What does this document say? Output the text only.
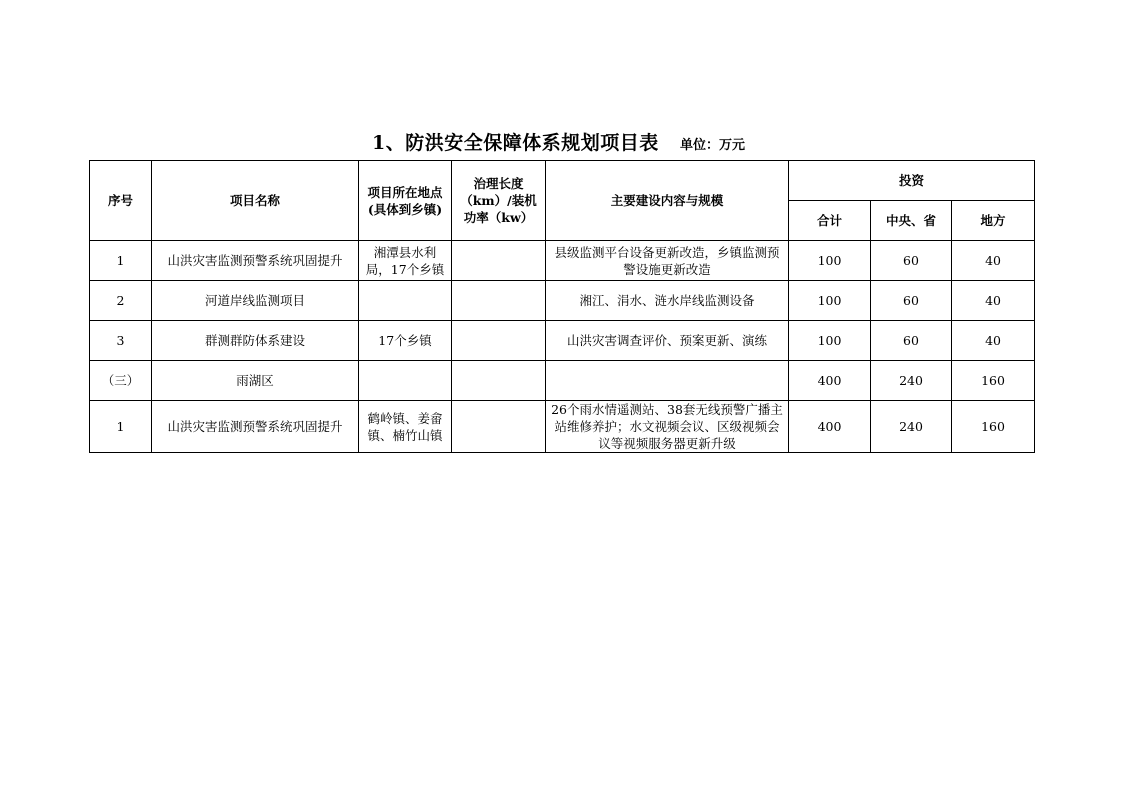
1、防洪安全保障体系规划项目表 单位：万元
序号	项目名称	项目所在地点(具体到乡镇)	治理长度（km）/装机功率（kw）	主要建设内容与规模	投资		
					合计	中央、省	地方
1	山洪灾害监测预警系统巩固提升	湘潭县水利局，17个乡镇		县级监测平台设备更新改造，乡镇监测预警设施更新改造	100	60	40
2	河道岸线监测项目			湘江、涓水、涟水岸线监测设备	100	60	40
3	群测群防体系建设	17个乡镇		山洪灾害调查评价、预案更新、演练	100	60	40
（三）	雨湖区				400	240	160
1	山洪灾害监测预警系统巩固提升	鹤岭镇、姜畲镇、楠竹山镇		26个雨水情遥测站、38套无线预警广播主站维修养护；水文视频会议、区级视频会议等视频服务器更新升级	400	240	160
